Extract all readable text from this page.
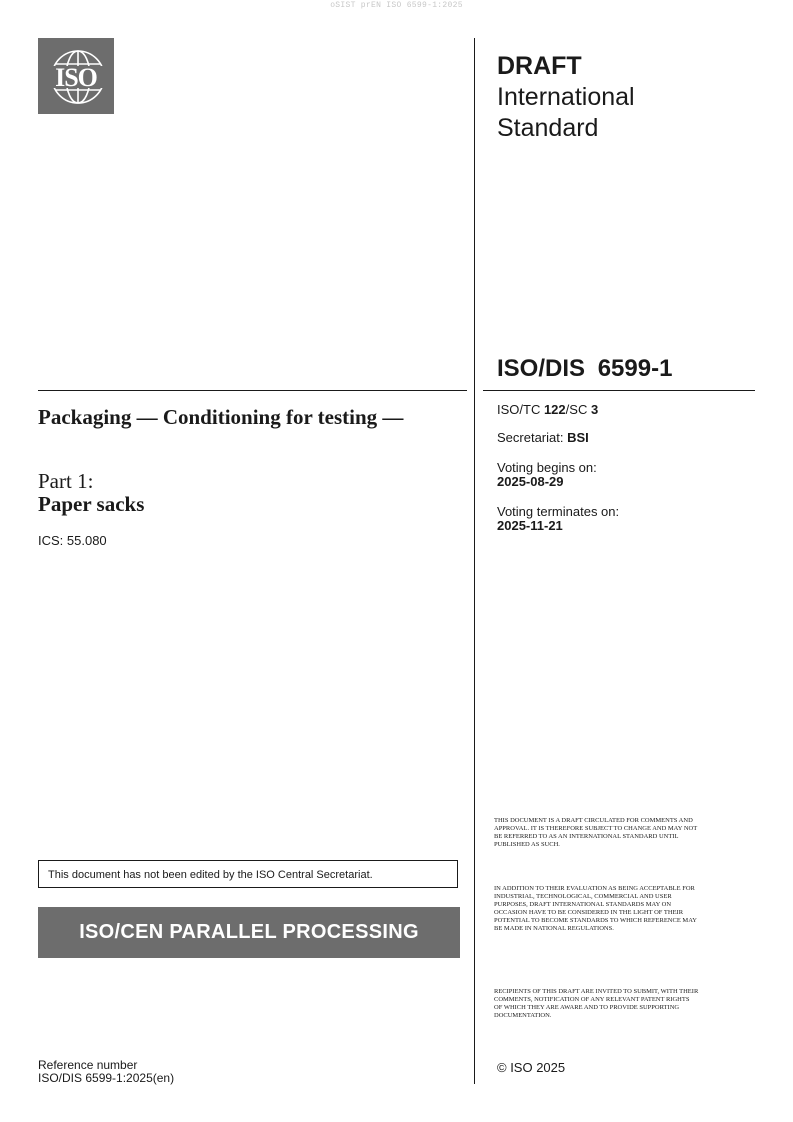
oSIST prEN ISO 6599-1:2025
ISO	DRAFT
International
Standard
ISO/DIS 6599-1
Packaging — Conditioning for testing —
Part 1:
Paper sacks
ICS: 55.080
ISO/TC 122/SC 3
Secretariat: BSI
Voting begins on:
2025-08-29
Voting terminates on:
2025-11-21
THIS DOCUMENT IS A DRAFT CIRCULATED FOR COMMENTS AND APPROVAL. IT IS THEREFORE SUBJECT TO CHANGE AND MAY NOT BE REFERRED TO AS AN INTERNATIONAL STANDARD UNTIL PUBLISHED AS SUCH.
IN ADDITION TO THEIR EVALUATION AS BEING ACCEPTABLE FOR INDUSTRIAL, TECHNOLOGICAL, COMMERCIAL AND USER PURPOSES, DRAFT INTERNATIONAL STANDARDS MAY ON OCCASION HAVE TO BE CONSIDERED IN THE LIGHT OF THEIR POTENTIAL TO BECOME STANDARDS TO WHICH REFERENCE MAY BE MADE IN NATIONAL REGULATIONS.
RECIPIENTS OF THIS DRAFT ARE INVITED TO SUBMIT, WITH THEIR COMMENTS, NOTIFICATION OF ANY RELEVANT PATENT RIGHTS OF WHICH THEY ARE AWARE AND TO PROVIDE SUPPORTING DOCUMENTATION.
This document has not been edited by the ISO Central Secretariat.
ISO/CEN PARALLEL PROCESSING
Reference number
ISO/DIS 6599-1:2025(en)
© ISO 2025
